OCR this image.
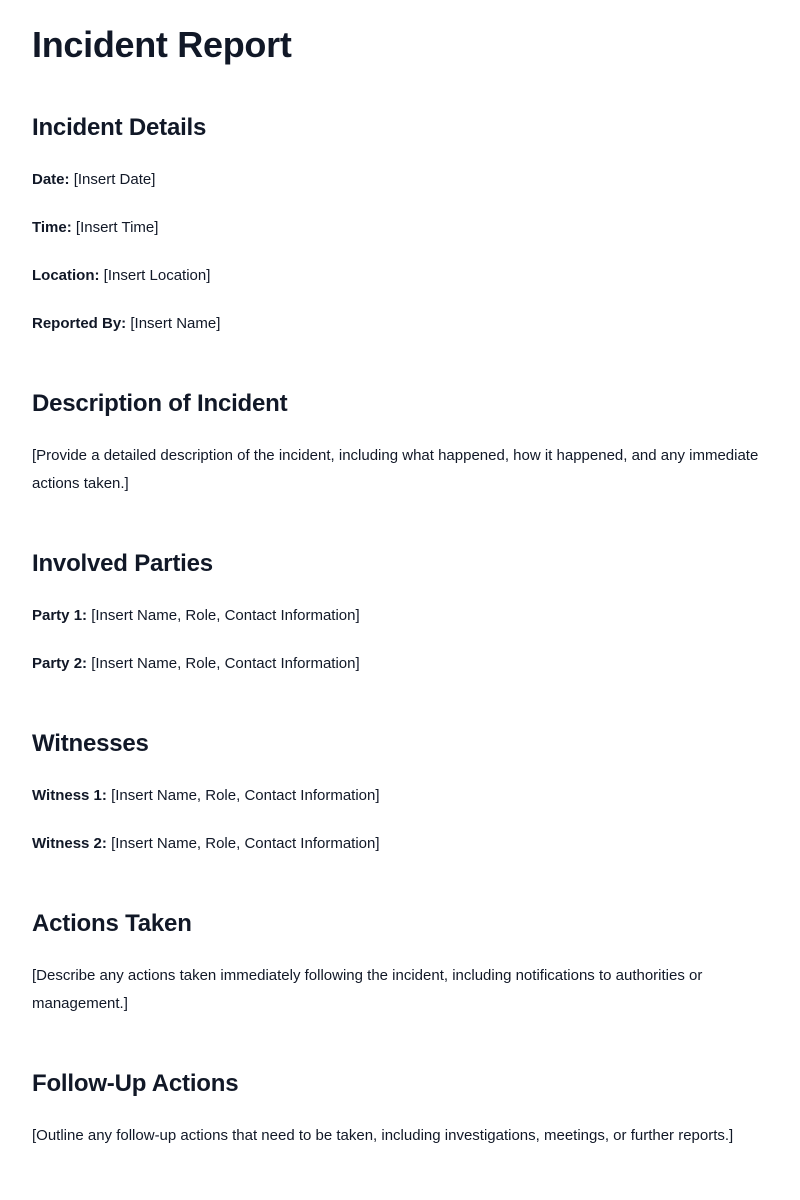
Incident Report
Incident Details

Date: [Insert Date]

Time: [Insert Time]

Location: [Insert Location]

Reported By: [Insert Name]

Description of Incident

[Provide a detailed description of the incident, including what happened, how it happened, and any immediate actions taken.]

Involved Parties

Party 1: [Insert Name, Role, Contact Information]

Party 2: [Insert Name, Role, Contact Information]

Witnesses

Witness 1: [Insert Name, Role, Contact Information]

Witness 2: [Insert Name, Role, Contact Information]

Actions Taken

[Describe any actions taken immediately following the incident, including notifications to authorities or management.]

Follow-Up Actions

[Outline any follow-up actions that need to be taken, including investigations, meetings, or further reports.]
